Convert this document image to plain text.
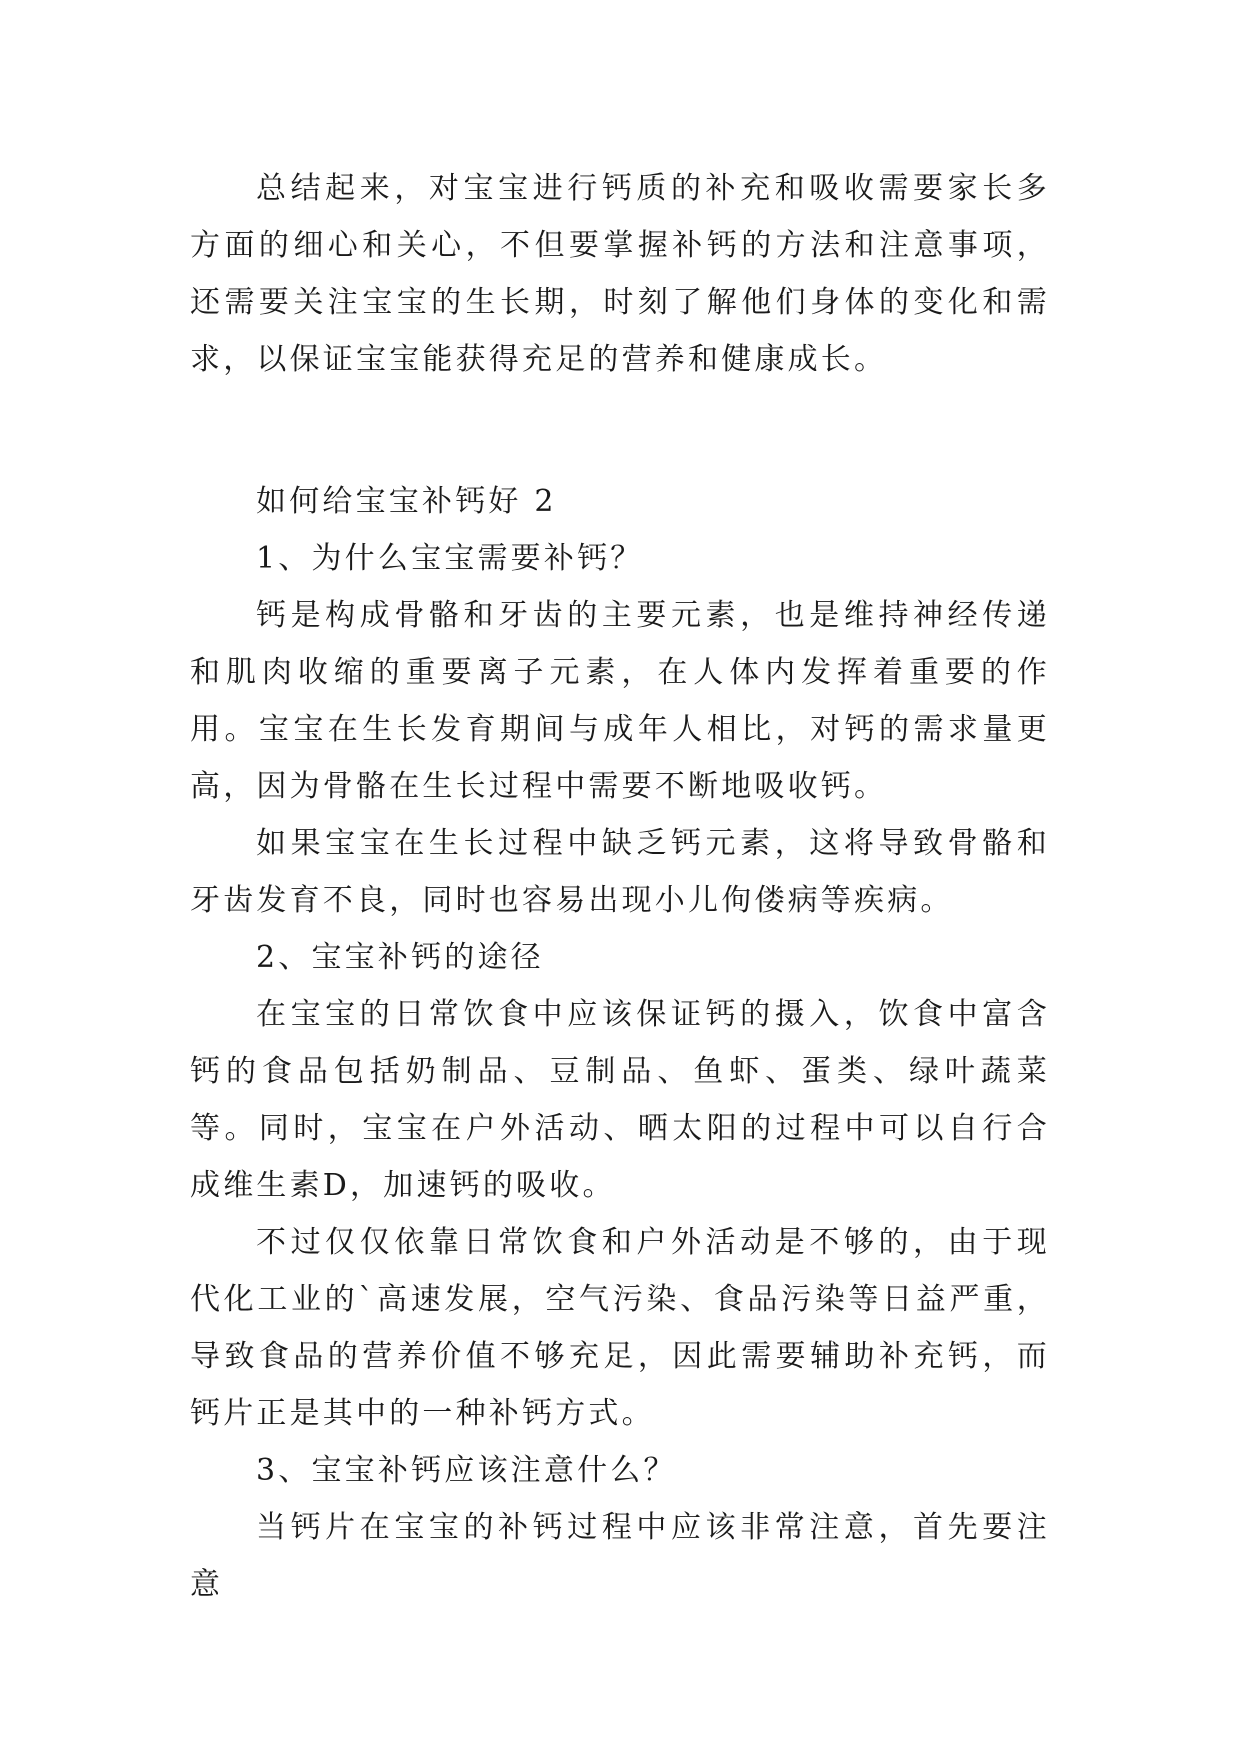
总结起来，对宝宝进行钙质的补充和吸收需要家长多方面的细心和关心，不但要掌握补钙的方法和注意事项，还需要关注宝宝的生长期，时刻了解他们身体的变化和需求，以保证宝宝能获得充足的营养和健康成长。

如何给宝宝补钙好 2

1、为什么宝宝需要补钙？

钙是构成骨骼和牙齿的主要元素，也是维持神经传递和肌肉收缩的重要离子元素，在人体内发挥着重要的作用。宝宝在生长发育期间与成年人相比，对钙的需求量更高，因为骨骼在生长过程中需要不断地吸收钙。

如果宝宝在生长过程中缺乏钙元素，这将导致骨骼和牙齿发育不良，同时也容易出现小儿佝偻病等疾病。

2、宝宝补钙的途径

在宝宝的日常饮食中应该保证钙的摄入，饮食中富含钙的食品包括奶制品、豆制品、鱼虾、蛋类、绿叶蔬菜等。同时，宝宝在户外活动、晒太阳的过程中可以自行合成维生素D，加速钙的吸收。

不过仅仅依靠日常饮食和户外活动是不够的，由于现代化工业的`高速发展，空气污染、食品污染等日益严重，导致食品的营养价值不够充足，因此需要辅助补充钙，而钙片正是其中的一种补钙方式。

3、宝宝补钙应该注意什么？

当钙片在宝宝的补钙过程中应该非常注意，首先要注意
